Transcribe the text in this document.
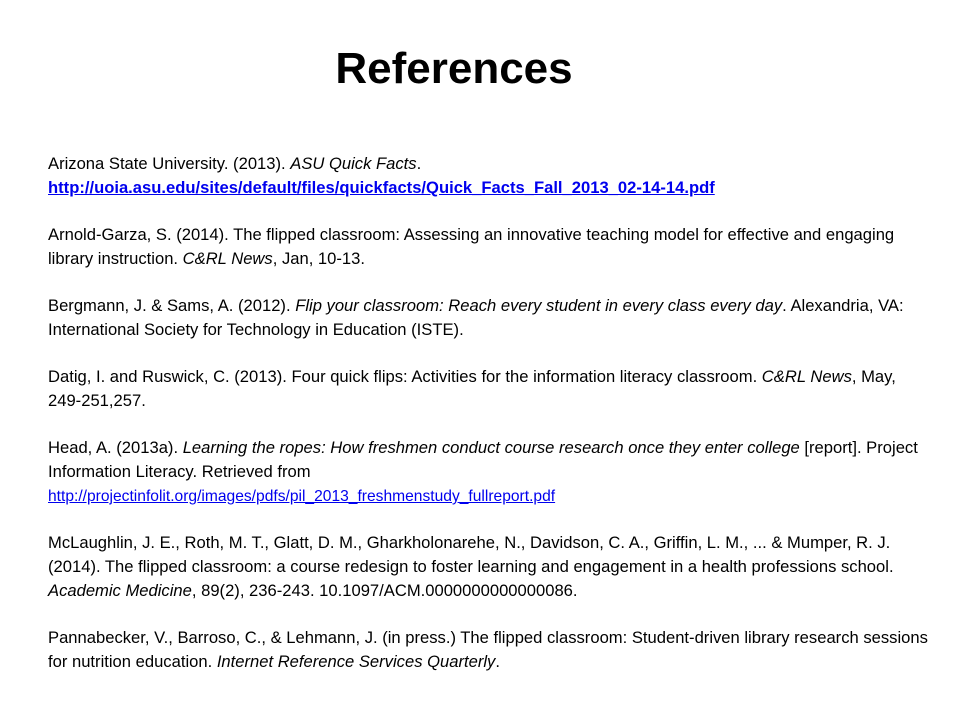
References
Arizona State University. (2013). ASU Quick Facts.
http://uoia.asu.edu/sites/default/files/quickfacts/Quick_Facts_Fall_2013_02-14-14.pdf
Arnold-Garza, S. (2014). The flipped classroom: Assessing an innovative teaching model for effective and engaging library instruction. C&RL News, Jan, 10-13.
Bergmann, J. & Sams, A. (2012). Flip your classroom: Reach every student in every class every day. Alexandria, VA: International Society for Technology in Education (ISTE).
Datig, I. and Ruswick, C. (2013). Four quick flips: Activities for the information literacy classroom. C&RL News, May, 249-251,257.
Head, A. (2013a). Learning the ropes: How freshmen conduct course research once they enter college [report]. Project Information Literacy. Retrieved from
http://projectinfolit.org/images/pdfs/pil_2013_freshmenstudy_fullreport.pdf
McLaughlin, J. E., Roth, M. T., Glatt, D. M., Gharkholonarehe, N., Davidson, C. A., Griffin, L. M., ... & Mumper, R. J. (2014). The flipped classroom: a course redesign to foster learning and engagement in a health professions school. Academic Medicine, 89(2), 236-243. 10.1097/ACM.0000000000000086.
Pannabecker, V., Barroso, C., & Lehmann, J. (in press.) The flipped classroom: Student-driven library research sessions for nutrition education. Internet Reference Services Quarterly.
